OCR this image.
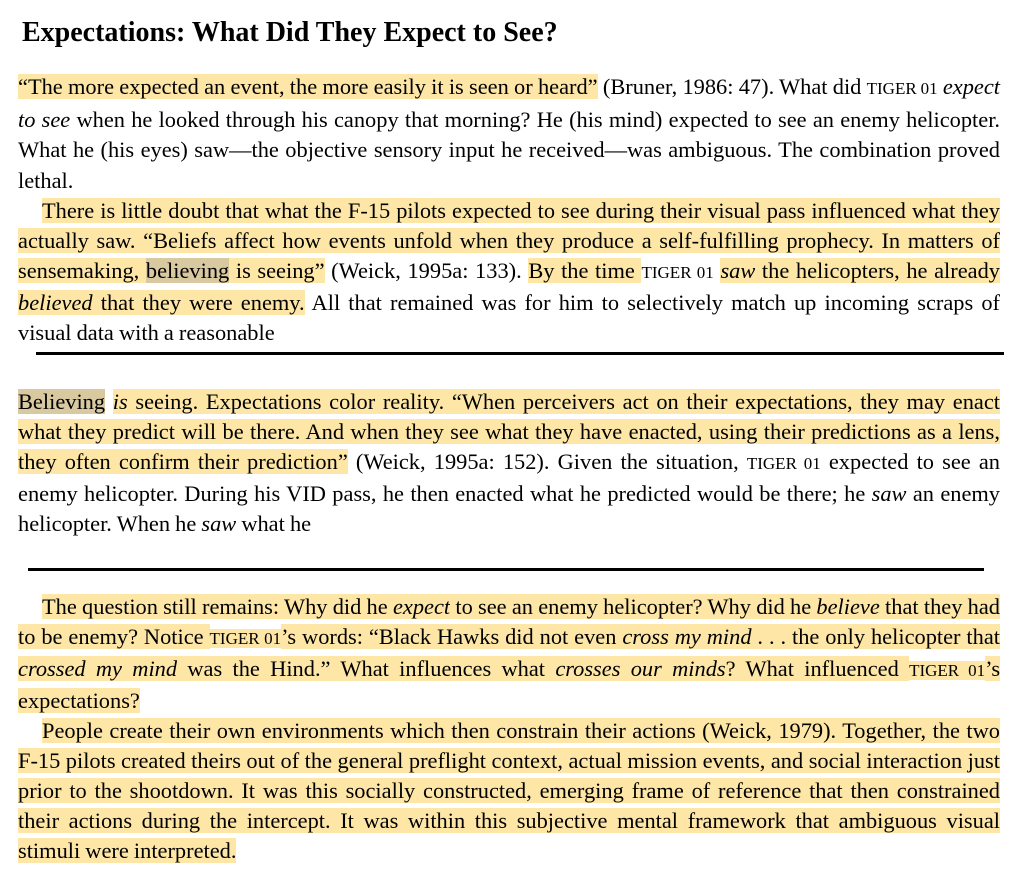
Expectations: What Did They Expect to See?

“The more expected an event, the more easily it is seen or heard” (Bruner, 1986: 47). What did TIGER 01 expect to see when he looked through his canopy that morning? He (his mind) expected to see an enemy helicopter. What he (his eyes) saw—the objective sensory input he received—was ambiguous. The combination proved lethal.

There is little doubt that what the F-15 pilots expected to see during their visual pass influenced what they actually saw. “Beliefs affect how events unfold when they produce a self-fulfilling prophecy. In matters of sensemaking, believing is seeing” (Weick, 1995a: 133). By the time TIGER 01 saw the helicopters, he already believed that they were enemy. All that remained was for him to selectively match up incoming scraps of visual data with a reasonable

Believing is seeing. Expectations color reality. “When perceivers act on their expectations, they may enact what they predict will be there. And when they see what they have enacted, using their predictions as a lens, they often confirm their prediction” (Weick, 1995a: 152). Given the situation, TIGER 01 expected to see an enemy helicopter. During his VID pass, he then enacted what he predicted would be there; he saw an enemy helicopter. When he saw what he

The question still remains: Why did he expect to see an enemy helicopter? Why did he believe that they had to be enemy? Notice TIGER 01’s words: “Black Hawks did not even cross my mind . . . the only helicopter that crossed my mind was the Hind.” What influences what crosses our minds? What influenced TIGER 01’s expectations?

People create their own environments which then constrain their actions (Weick, 1979). Together, the two F-15 pilots created theirs out of the general preflight context, actual mission events, and social interaction just prior to the shootdown. It was this socially constructed, emerging frame of reference that then constrained their actions during the intercept. It was within this subjective mental framework that ambiguous visual stimuli were interpreted.
